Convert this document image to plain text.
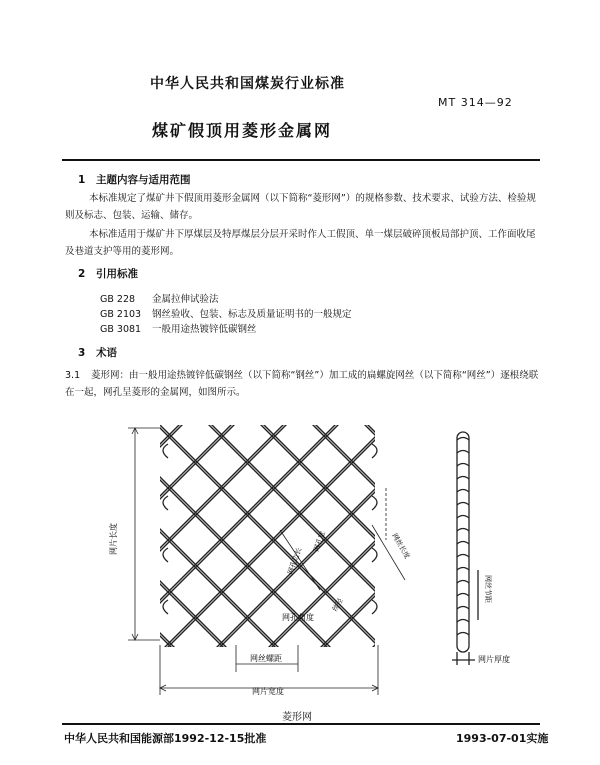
中华人民共和国煤炭行业标准
MT 314—92
煤矿假顶用菱形金属网
1 主题内容与适用范围
本标准规定了煤矿井下假顶用菱形金属网（以下简称“菱形网”）的规格参数、技术要求、试验方法、检验规则及标志、包装、运输、储存。
本标准适用于煤矿井下厚煤层及特厚煤层分层开采时作人工假顶、单一煤层破碎顶板局部护顶、工作面收尾及巷道支护等用的菱形网。
2 引用标准
GB 228 金属拉伸试验法
GB 2103 钢丝验收、包装、标志及质量证明书的一般规定
GB 3081 一般用途热镀锌低碳钢丝
3 术语
3.1 菱形网：由一般用途热镀锌低碳钢丝（以下简称“钢丝”）加工成的扁螺旋网丝（以下简称“网丝”）逐根绕联在一起，网孔呈菱形的金属网，如图所示。
网片长度
网片宽度
网丝螺距
网孔角度
网孔边长
网孔宽
丝径
网丝长度
网丝节距
网片厚度
菱形网
中华人民共和国能源部1992-12-15批准	1993-07-01实施
